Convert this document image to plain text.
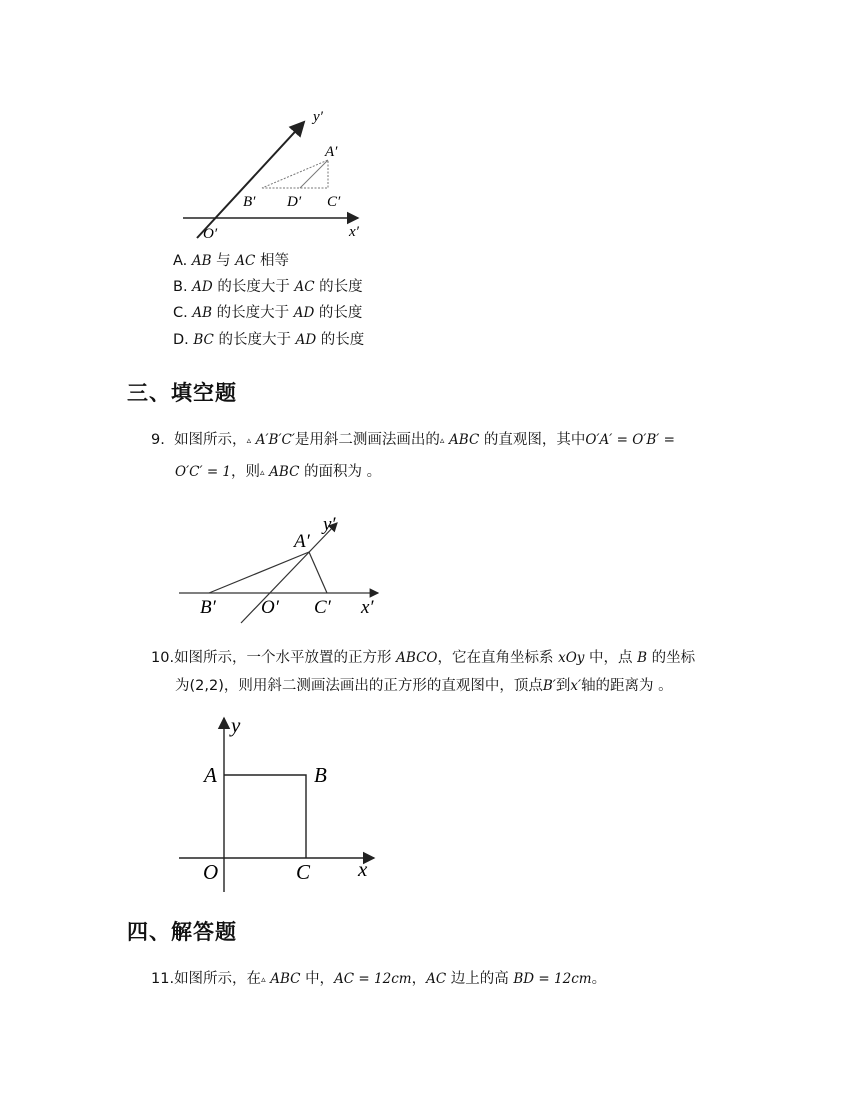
y′
A′
B′ D′ C′
O′	x′
A. AB 与 AC 相等
B. AD 的长度大于 AC 的长度
C. AB 的长度大于 AD 的长度
D. BC 的长度大于 AD 的长度
三、填空题
9. 如图所示，▵ A′B′C′是用斜二测画法画出的▵ ABC 的直观图，其中O′A′ = O′B′ =
O′C′ = 1，则▵ ABC 的面积为 。
y′
A′
B′ O′ C′ x′
10.如图所示，一个水平放置的正方形 ABCO，它在直角坐标系 xOy 中，点 B 的坐标
为(2,2)，则用斜二测画法画出的正方形的直观图中，顶点B′到x′轴的距离为 。
y
A	B
O	C x
四、解答题
11.如图所示，在▵ ABC 中，AC = 12cm，AC 边上的高 BD = 12cm。
